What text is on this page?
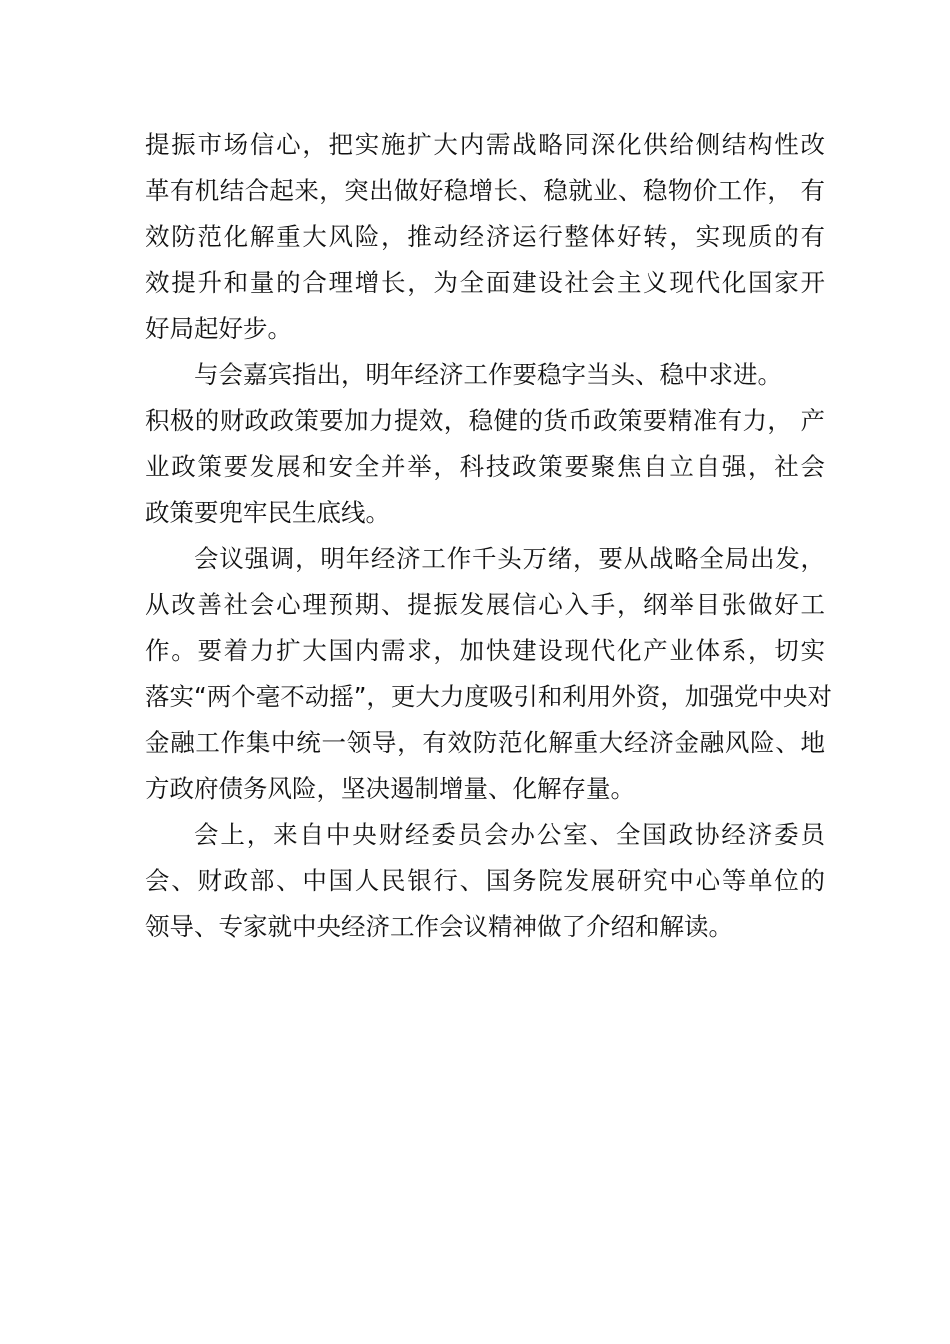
提振市场信心，把实施扩大内需战略同深化供给侧结构性改
革有机结合起来，突出做好稳增长、稳就业、稳物价工作， 有
效防范化解重大风险，推动经济运行整体好转，实现质的有
效提升和量的合理增长，为全面建设社会主义现代化国家开
好局起好步。
与会嘉宾指出，明年经济工作要稳字当头、稳中求进。
积极的财政政策要加力提效，稳健的货币政策要精准有力， 产
业政策要发展和安全并举，科技政策要聚焦自立自强，社会
政策要兜牢民生底线。
会议强调，明年经济工作千头万绪，要从战略全局出发，
从改善社会心理预期、提振发展信心入手，纲举目张做好工
作。要着力扩大国内需求，加快建设现代化产业体系，切实
落实“两个毫不动摇”，更大力度吸引和利用外资，加强党中央对
金融工作集中统一领导，有效防范化解重大经济金融风险、地
方政府债务风险，坚决遏制增量、化解存量。
会上，来自中央财经委员会办公室、全国政协经济委员
会、财政部、中国人民银行、国务院发展研究中心等单位的
领导、专家就中央经济工作会议精神做了介绍和解读。
